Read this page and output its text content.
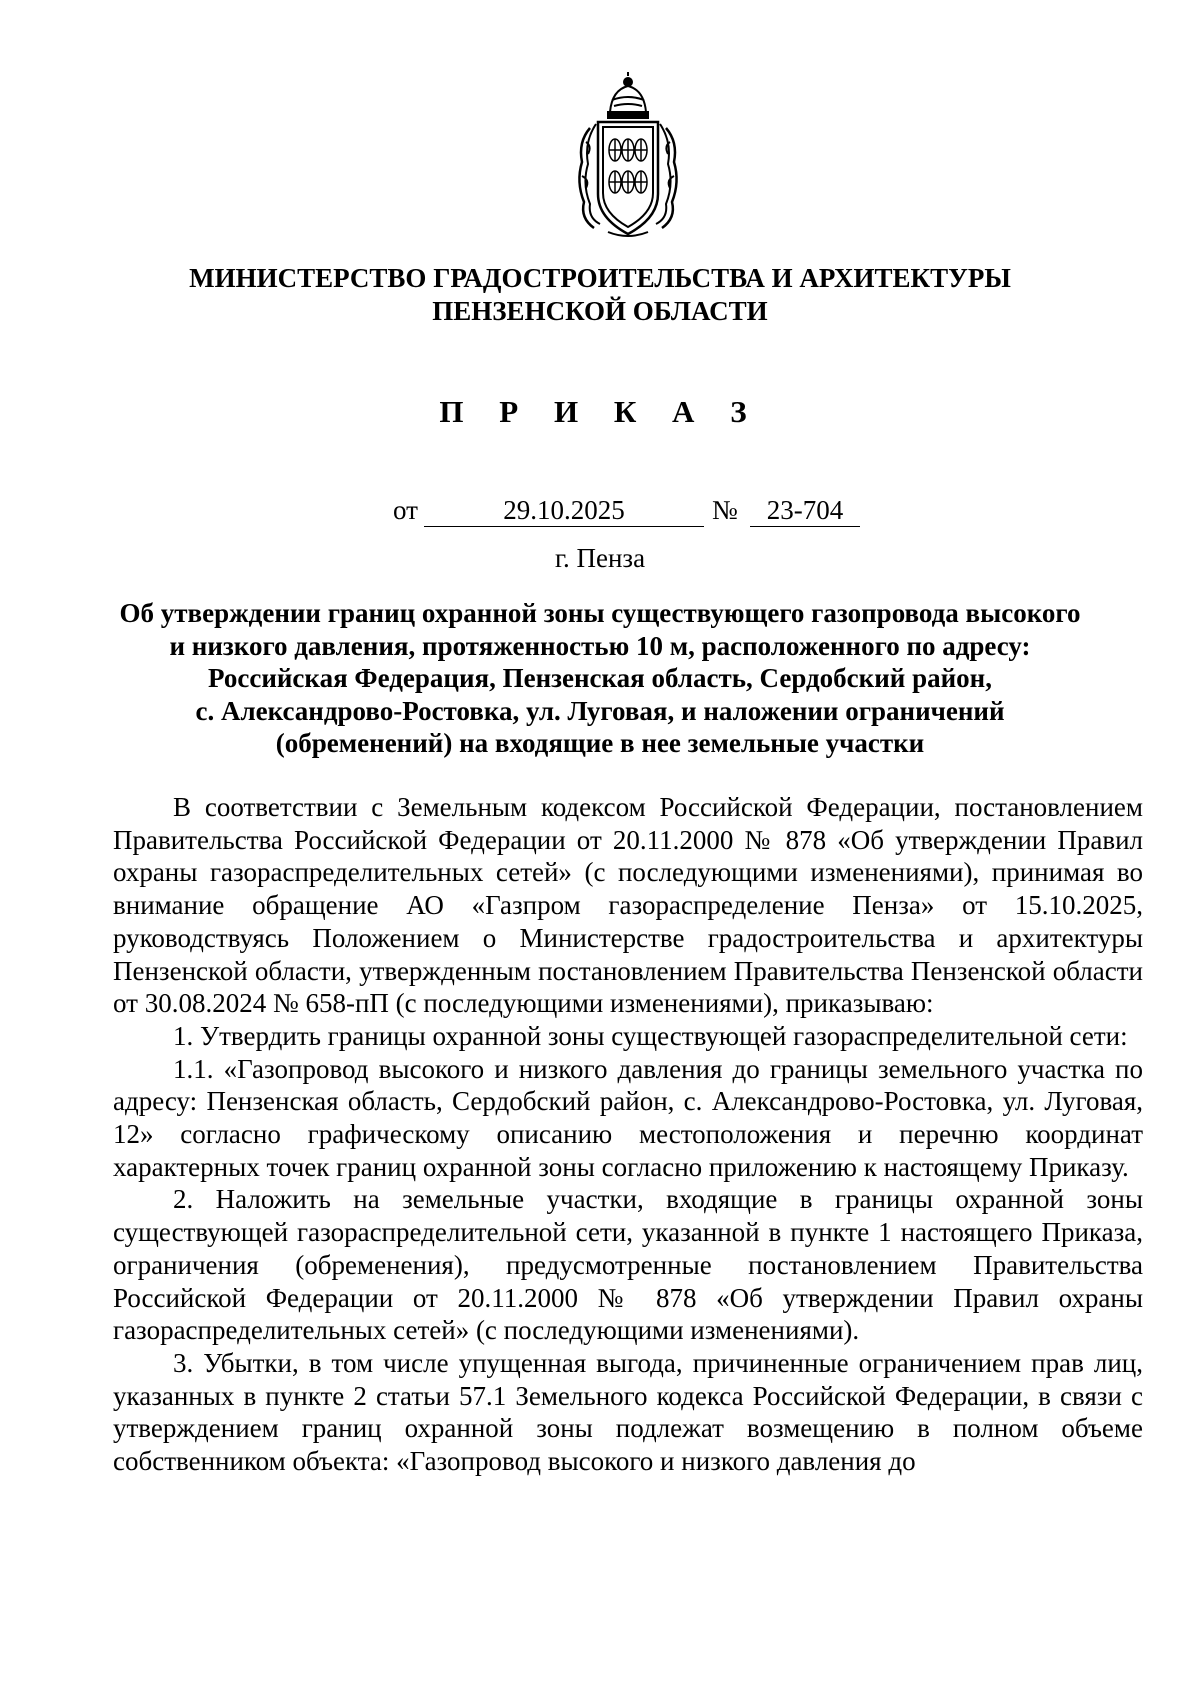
МИНИСТЕРСТВО ГРАДОСТРОИТЕЛЬСТВА И АРХИТЕКТУРЫ
ПЕНЗЕНСКОЙ ОБЛАСТИ
П Р И К А З
от	29.10.2025	№	23-704
г. Пенза
Об утверждении границ охранной зоны существующего газопровода высокого
и низкого давления, протяженностью 10 м, расположенного по адресу:
Российская Федерация, Пензенская область, Сердобский район,
с. Александрово-Ростовка, ул. Луговая, и наложении ограничений
(обременений) на входящие в нее земельные участки

В соответствии с Земельным кодексом Российской Федерации, постановлением Правительства Российской Федерации от 20.11.2000 № 878 «Об утверждении Правил охраны газораспределительных сетей» (с последующими изменениями), принимая во внимание обращение АО «Газпром газораспределение Пенза» от 15.10.2025, руководствуясь Положением о Министерстве градостроительства и архитектуры Пензенской области, утвержденным постановлением Правительства Пензенской области от 30.08.2024 № 658-пП (с последующими изменениями), приказываю:

1. Утвердить границы охранной зоны существующей газораспределительной сети:

1.1. «Газопровод высокого и низкого давления до границы земельного участка по адресу: Пензенская область, Сердобский район, с. Александрово-Ростовка, ул. Луговая, 12» согласно графическому описанию местоположения и перечню координат характерных точек границ охранной зоны согласно приложению к настоящему Приказу.

2. Наложить на земельные участки, входящие в границы охранной зоны существующей газораспределительной сети, указанной в пункте 1 настоящего Приказа, ограничения (обременения), предусмотренные постановлением Правительства Российской Федерации от 20.11.2000 № 878 «Об утверждении Правил охраны газораспределительных сетей» (с последующими изменениями).

3. Убытки, в том числе упущенная выгода, причиненные ограничением прав лиц, указанных в пункте 2 статьи 57.1 Земельного кодекса Российской Федерации, в связи с утверждением границ охранной зоны подлежат возмещению в полном объеме собственником объекта: «Газопровод высокого и низкого давления до
